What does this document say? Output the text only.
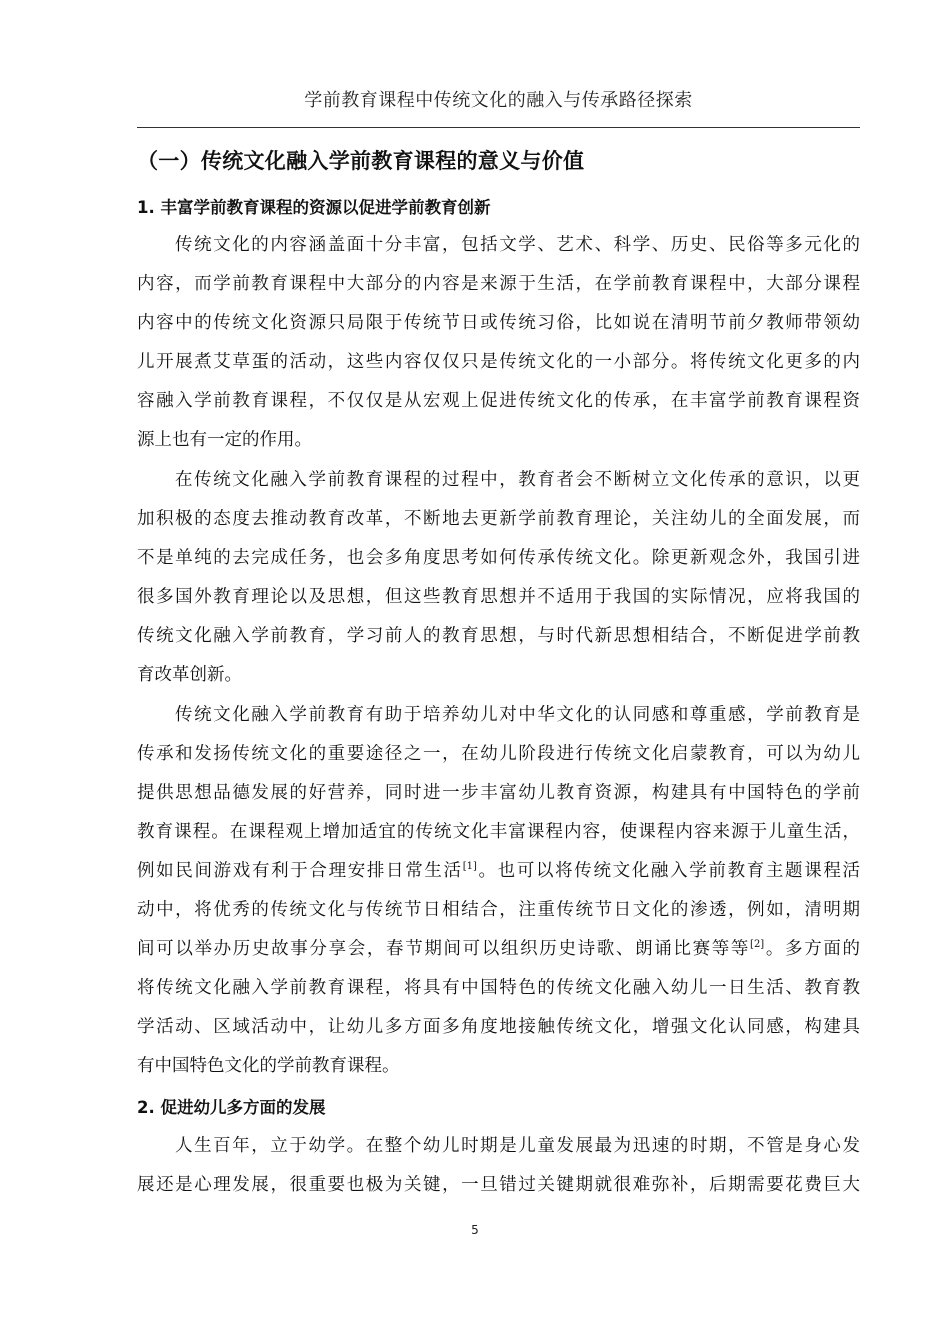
学前教育课程中传统文化的融入与传承路径探索
（一）传统文化融入学前教育课程的意义与价值
1. 丰富学前教育课程的资源以促进学前教育创新
传统文化的内容涵盖面十分丰富，包括文学、艺术、科学、历史、民俗等多元化的
内容，而学前教育课程中大部分的内容是来源于生活，在学前教育课程中，大部分课程
内容中的传统文化资源只局限于传统节日或传统习俗，比如说在清明节前夕教师带领幼
儿开展煮艾草蛋的活动，这些内容仅仅只是传统文化的一小部分。将传统文化更多的内
容融入学前教育课程，不仅仅是从宏观上促进传统文化的传承，在丰富学前教育课程资
源上也有一定的作用。
在传统文化融入学前教育课程的过程中，教育者会不断树立文化传承的意识，以更
加积极的态度去推动教育改革，不断地去更新学前教育理论，关注幼儿的全面发展，而
不是单纯的去完成任务，也会多角度思考如何传承传统文化。除更新观念外，我国引进
很多国外教育理论以及思想，但这些教育思想并不适用于我国的实际情况，应将我国的
传统文化融入学前教育，学习前人的教育思想，与时代新思想相结合，不断促进学前教
育改革创新。
传统文化融入学前教育有助于培养幼儿对中华文化的认同感和尊重感，学前教育是
传承和发扬传统文化的重要途径之一，在幼儿阶段进行传统文化启蒙教育，可以为幼儿
提供思想品德发展的好营养，同时进一步丰富幼儿教育资源，构建具有中国特色的学前
教育课程。在课程观上增加适宜的传统文化丰富课程内容，使课程内容来源于儿童生活，
例如民间游戏有利于合理安排日常生活[1]。也可以将传统文化融入学前教育主题课程活
动中，将优秀的传统文化与传统节日相结合，注重传统节日文化的渗透，例如，清明期
间可以举办历史故事分享会，春节期间可以组织历史诗歌、朗诵比赛等等[2]。多方面的
将传统文化融入学前教育课程，将具有中国特色的传统文化融入幼儿一日生活、教育教
学活动、区域活动中，让幼儿多方面多角度地接触传统文化，增强文化认同感，构建具
有中国特色文化的学前教育课程。
2. 促进幼儿多方面的发展
人生百年，立于幼学。在整个幼儿时期是儿童发展最为迅速的时期，不管是身心发
展还是心理发展，很重要也极为关键，一旦错过关键期就很难弥补，后期需要花费巨大
5
